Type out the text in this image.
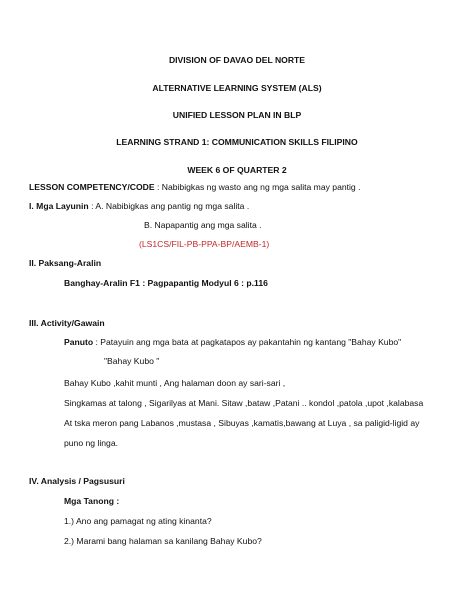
DIVISION OF DAVAO DEL NORTE
ALTERNATIVE LEARNING SYSTEM (ALS)
UNIFIED LESSON PLAN IN BLP
LEARNING STRAND 1: COMMUNICATION SKILLS FILIPINO
WEEK 6 OF QUARTER 2
LESSON COMPETENCY/CODE : Nabibigkas ng wasto ang ng mga salita may pantig .
I. Mga Layunin : A. Nabibigkas ang pantig ng mga salita .
B. Napapantig ang mga salita .
(LS1CS/FIL-PB-PPA-BP/AEMB-1)
II. Paksang-Aralin
Banghay-Aralin F1 : Pagpapantig Modyul 6 : p.116
III. Activity/Gawain
Panuto : Patayuin ang mga bata at pagkatapos ay pakantahin ng kantang "Bahay Kubo"
"Bahay Kubo "
Bahay Kubo ,kahit munti , Ang halaman doon ay sari-sari ,
Singkamas at talong , Sigarilyas at Mani. Sitaw ,bataw ,Patani .. kondol ,patola ,upot ,kalabasa
At tska meron pang Labanos ,mustasa , Sibuyas ,kamatis,bawang at Luya , sa paligid-ligid ay
puno ng linga.
IV. Analysis / Pagsusuri
Mga Tanong :
1.) Ano ang pamagat ng ating kinanta?
2.) Marami bang halaman sa kanilang Bahay Kubo?
